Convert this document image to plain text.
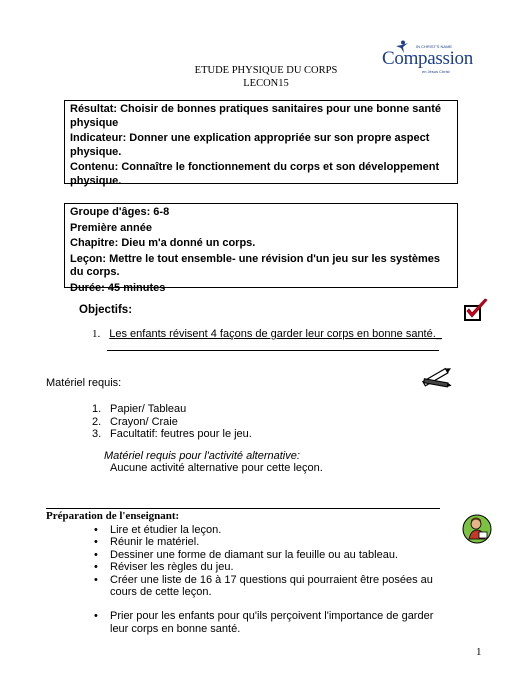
ETUDE PHYSIQUE DU CORPS
LECON15
IN CHRIST'S NAME
Compassion
en Jésus Christ

Résultat: Choisir de bonnes pratiques sanitaires pour une bonne santé physique

Indicateur: Donner une explication appropriée sur son propre aspect physique.

Contenu: Connaître le fonctionnement du corps et son développement physique.

Groupe d'âges: 6-8

Première année

Chapitre: Dieu m'a donné un corps.

Leçon: Mettre le tout ensemble- une révision d'un jeu sur les systèmes du corps.

Durée: 45 minutes

Objectifs:
1. Les enfants révisent 4 façons de garder leur corps en bonne santé._
Matériel requis:
1. Papier/ Tableau
2. Crayon/ Craie
3. Facultatif: feutres pour le jeu.
Matériel requis pour l'activité alternative:
Aucune activité alternative pour cette leçon.
Préparation de l'enseignant:
• Lire et étudier la leçon.
• Réunir le matériel.
• Dessiner une forme de diamant sur la feuille ou au tableau.
• Réviser les règles du jeu.
• Créer une liste de 16 à 17 questions qui pourraient être posées au cours de cette leçon.
• Prier pour les enfants pour qu'ils perçoivent l'importance de garder leur corps en bonne santé.
1
